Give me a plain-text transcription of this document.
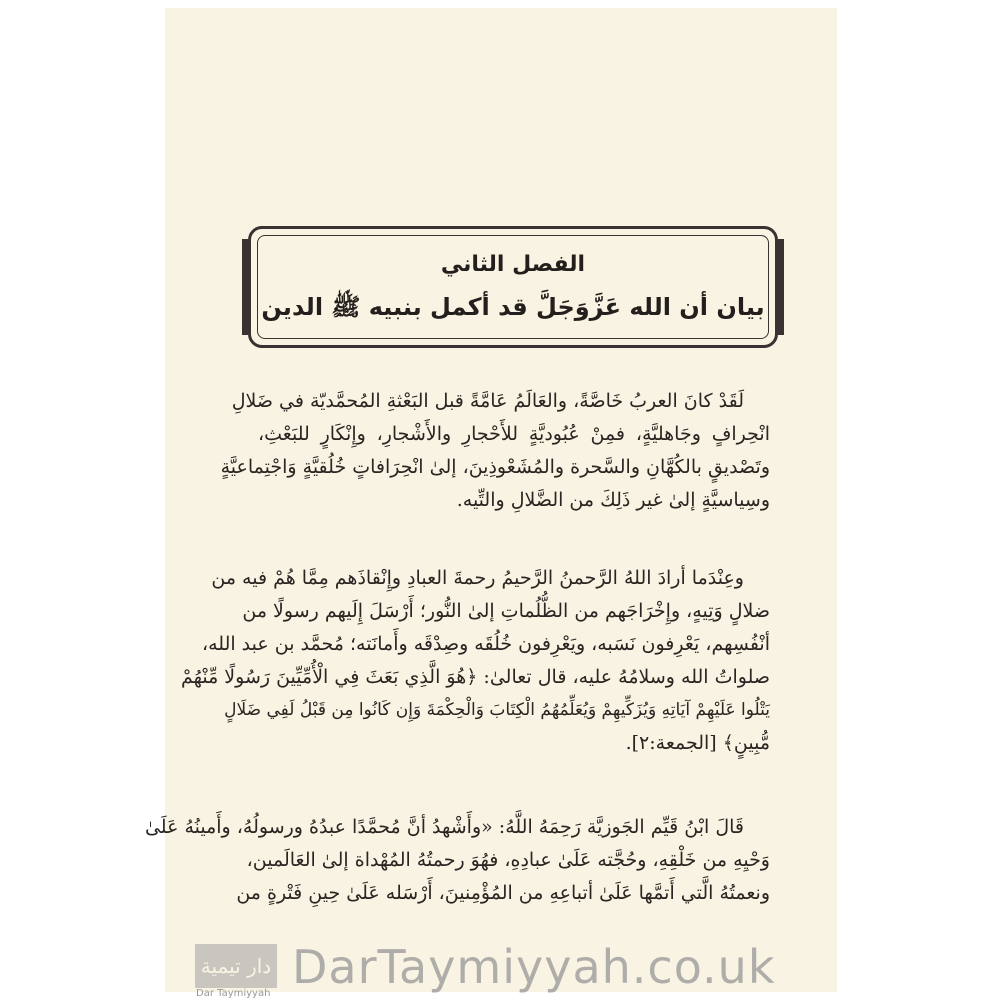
الفصل الثاني
بيان أن الله عَزَّوَجَلَّ قد أكمل بنبيه ﷺ الدين
لَقَدْ كانَ العربُ خَاصَّةً، والعَالَمُ عَامَّةً قبل البَعْثةِ المُحمَّديّة في ضَلالِ
انْحِرافٍ وجَاهليَّةٍ، فمِنْ عُبُوديَّةٍ للأَحْجارِ والأَشْجارِ، وإِنْكَارٍ للبَعْثِ،
وتَصْديقٍ بالكُهَّانِ والسَّحرة والمُشَعْوذِينَ، إلىٰ انْحِرَافاتٍ خُلُقيَّةٍ وَاجْتِماعيَّةٍ
وسِياسيَّةٍ إلىٰ غير ذَلِكَ من الضَّلالِ والتِّيه.
وعِنْدَما أرادَ اللهُ الرَّحمنُ الرَّحيمُ رحمةَ العبادِ وإِنْقاذَهم مِمَّا هُمْ فيه من
ضلالٍ وَتِيهٍ، وإِخْرَاجَهم من الظُّلُماتِ إلىٰ النُّور؛ أَرْسَلَ إِلَيهم رسولًا من
أنْفُسِهم، يَعْرِفون نَسَبه، ويَعْرِفون خُلُقَه وصِدْقَه وأَمانَته؛ مُحمَّد بن عبد الله،
صلواتُ الله وسلامُهُ عليه، قال تعالىٰ: ﴿هُوَ الَّذِي بَعَثَ فِي الْأُمِّيِّينَ رَسُولًا مِّنْهُمْ
يَتْلُوا عَلَيْهِمْ آيَاتِهِ وَيُزَكِّيهِمْ وَيُعَلِّمُهُمُ الْكِتَابَ وَالْحِكْمَةَ وَإِن كَانُوا مِن قَبْلُ لَفِي ضَلَالٍ
مُّبِينٍ﴾ [الجمعة:٢].
قَالَ ابْنُ قَيِّم الجَوزيَّة رَحِمَهُ اللَّهُ: «وأَشْهدُ أنَّ مُحمَّدًا عبدُهُ ورسولُهُ، وأَمينُهُ عَلَىٰ
وَحْيِهِ من خَلْقِهِ، وحُجَّته عَلَىٰ عبادِهِ، فهُوَ رحمتُهُ المُهْداة إلىٰ العَالَمين،
ونعمتُهُ الَّتي أَتمَّها عَلَىٰ أتباعِهِ من المُؤْمِنينَ، أَرْسَله عَلَىٰ حِينِ فَتْرةٍ من
دار تيمية
Dar Taymiyyah DarTaymiyyah.co.uk
